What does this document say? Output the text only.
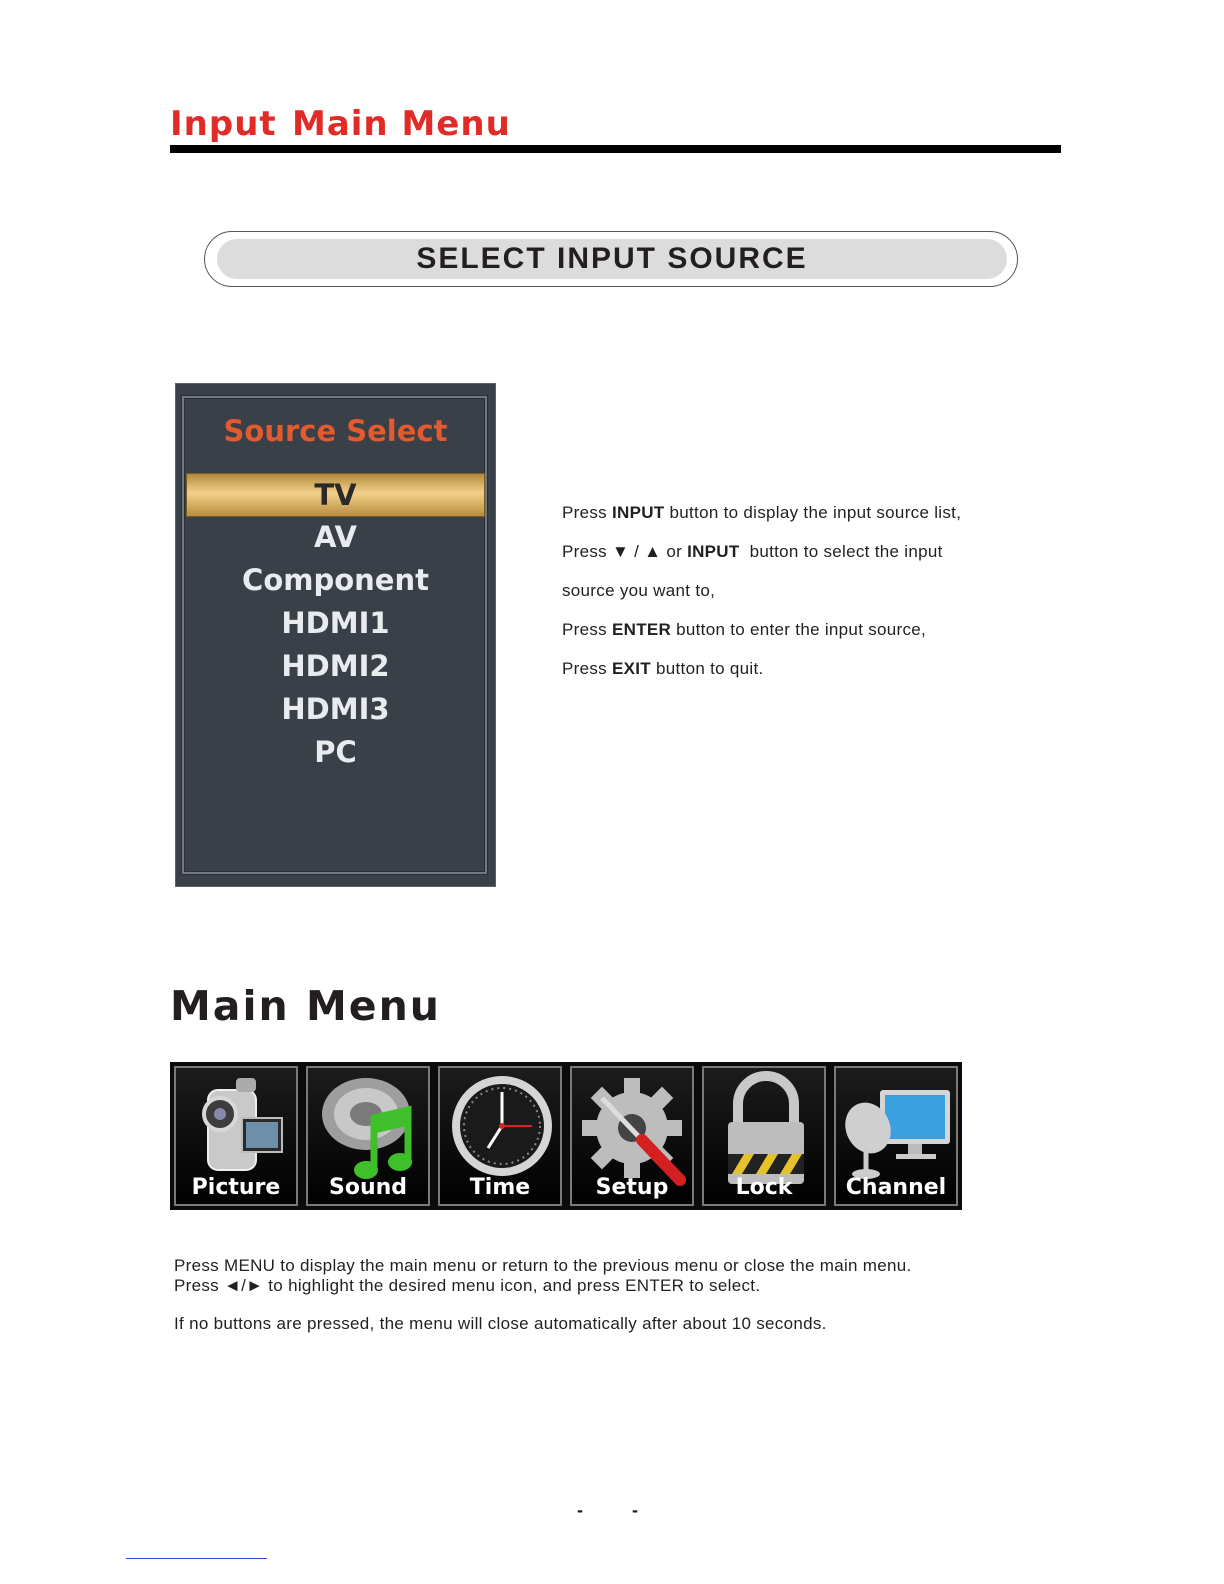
Input Main Menu
SELECT INPUT SOURCE
Source Select
TV
AV
Component
HDMI1
HDMI2
HDMI3
PC
Press INPUT button to display the input source list,
Press ▼ / ▲ or INPUT  button to select the input
source you want to,
Press ENTER button to enter the input source,
Press EXIT button to quit.
Main Menu
Picture	Sound	Time	Setup	Lock	Channel
Press MENU to display the main menu or return to the previous menu or close the main menu.
Press ◄/► to highlight the desired menu icon, and press ENTER to select.
If no buttons are pressed, the menu will close automatically after about 10 seconds.
-	-
